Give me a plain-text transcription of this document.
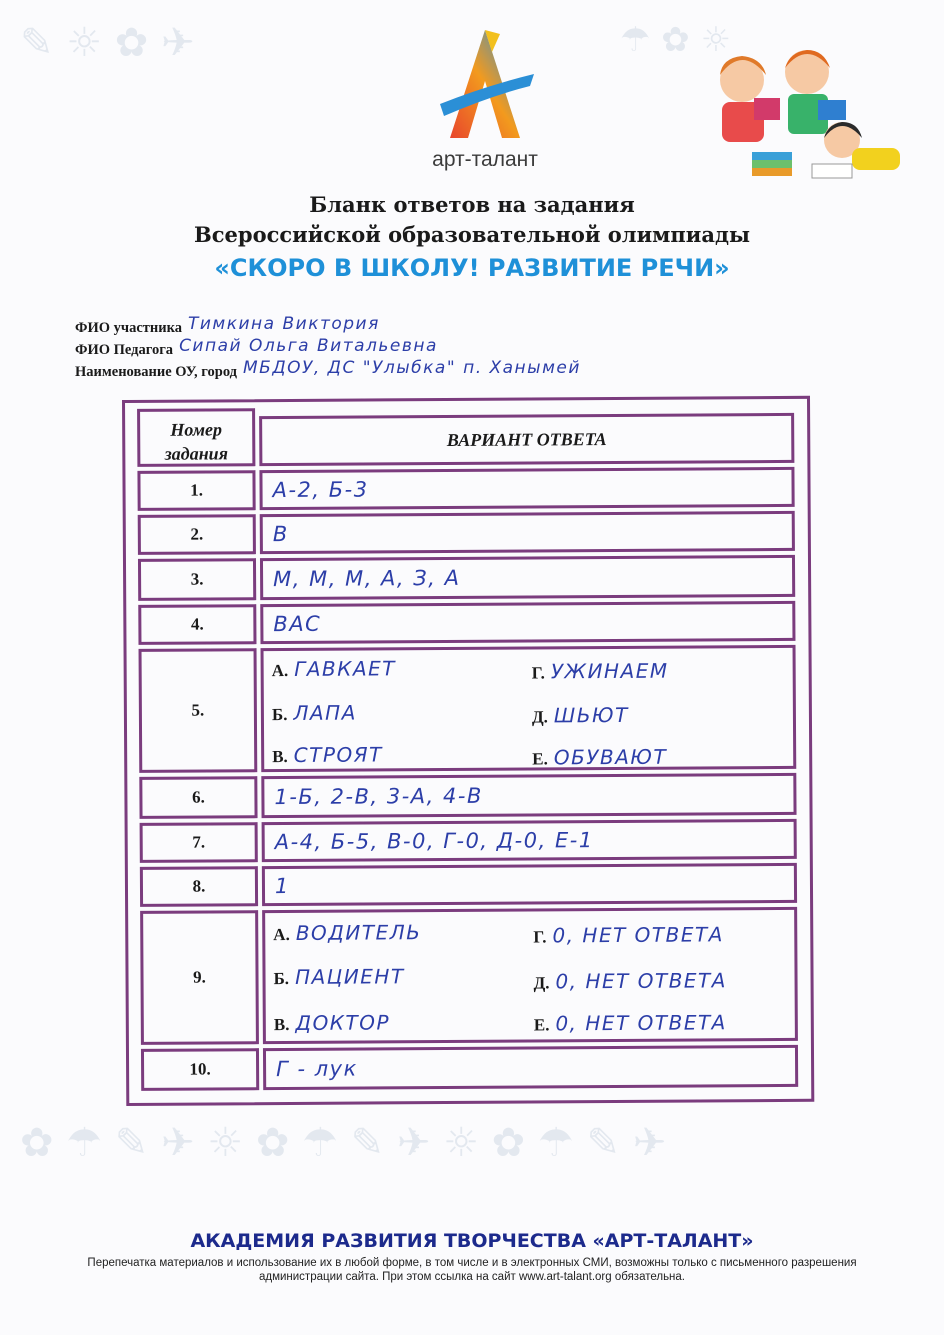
✎ ☼ ✿ ✈
✿ ☂ ✎ ✈ ☼ ✿ ☂ ✎ ✈ ☼ ✿ ☂ ✎ ✈
☂ ✿ ☼
арт-талант
Бланк ответов на задания
Всероссийской образовательной олимпиады
«СКОРО В ШКОЛУ! РАЗВИТИЕ РЕЧИ»
ФИО участника Тимкина Виктория
ФИО Педагога Сипай Ольга Витальевна
Наименование ОУ, город МБДОУ, ДС "Улыбка" п. Ханымей
Номер задания
ВАРИАНТ ОТВЕТА
1.	А-2, Б-3
2.	В
3.	М, М, М, А, З, А
4.	ВАС
5.
А. ГАВКАЕТ	Г. УЖИНАЕМ
Б. ЛАПА	Д. ШЬЮТ
В. СТРОЯТ	Е. ОБУВАЮТ
6.	1-Б, 2-В, 3-А, 4-В
7.	А-4, Б-5, В-0, Г-0, Д-0, Е-1
8.	1
9.
А. ВОДИТЕЛЬ	Г. 0, НЕТ ОТВЕТА
Б. ПАЦИЕНТ	Д. 0, НЕТ ОТВЕТА
В. ДОКТОР	Е. 0, НЕТ ОТВЕТА
10.	Г - лук
АКАДЕМИЯ РАЗВИТИЯ ТВОРЧЕСТВА «АРТ-ТАЛАНТ»
Перепечатка материалов и использование их в любой форме, в том числе и в электронных СМИ, возможны только с письменного разрешения администрации сайта. При этом ссылка на сайт www.art-talant.org обязательна.
